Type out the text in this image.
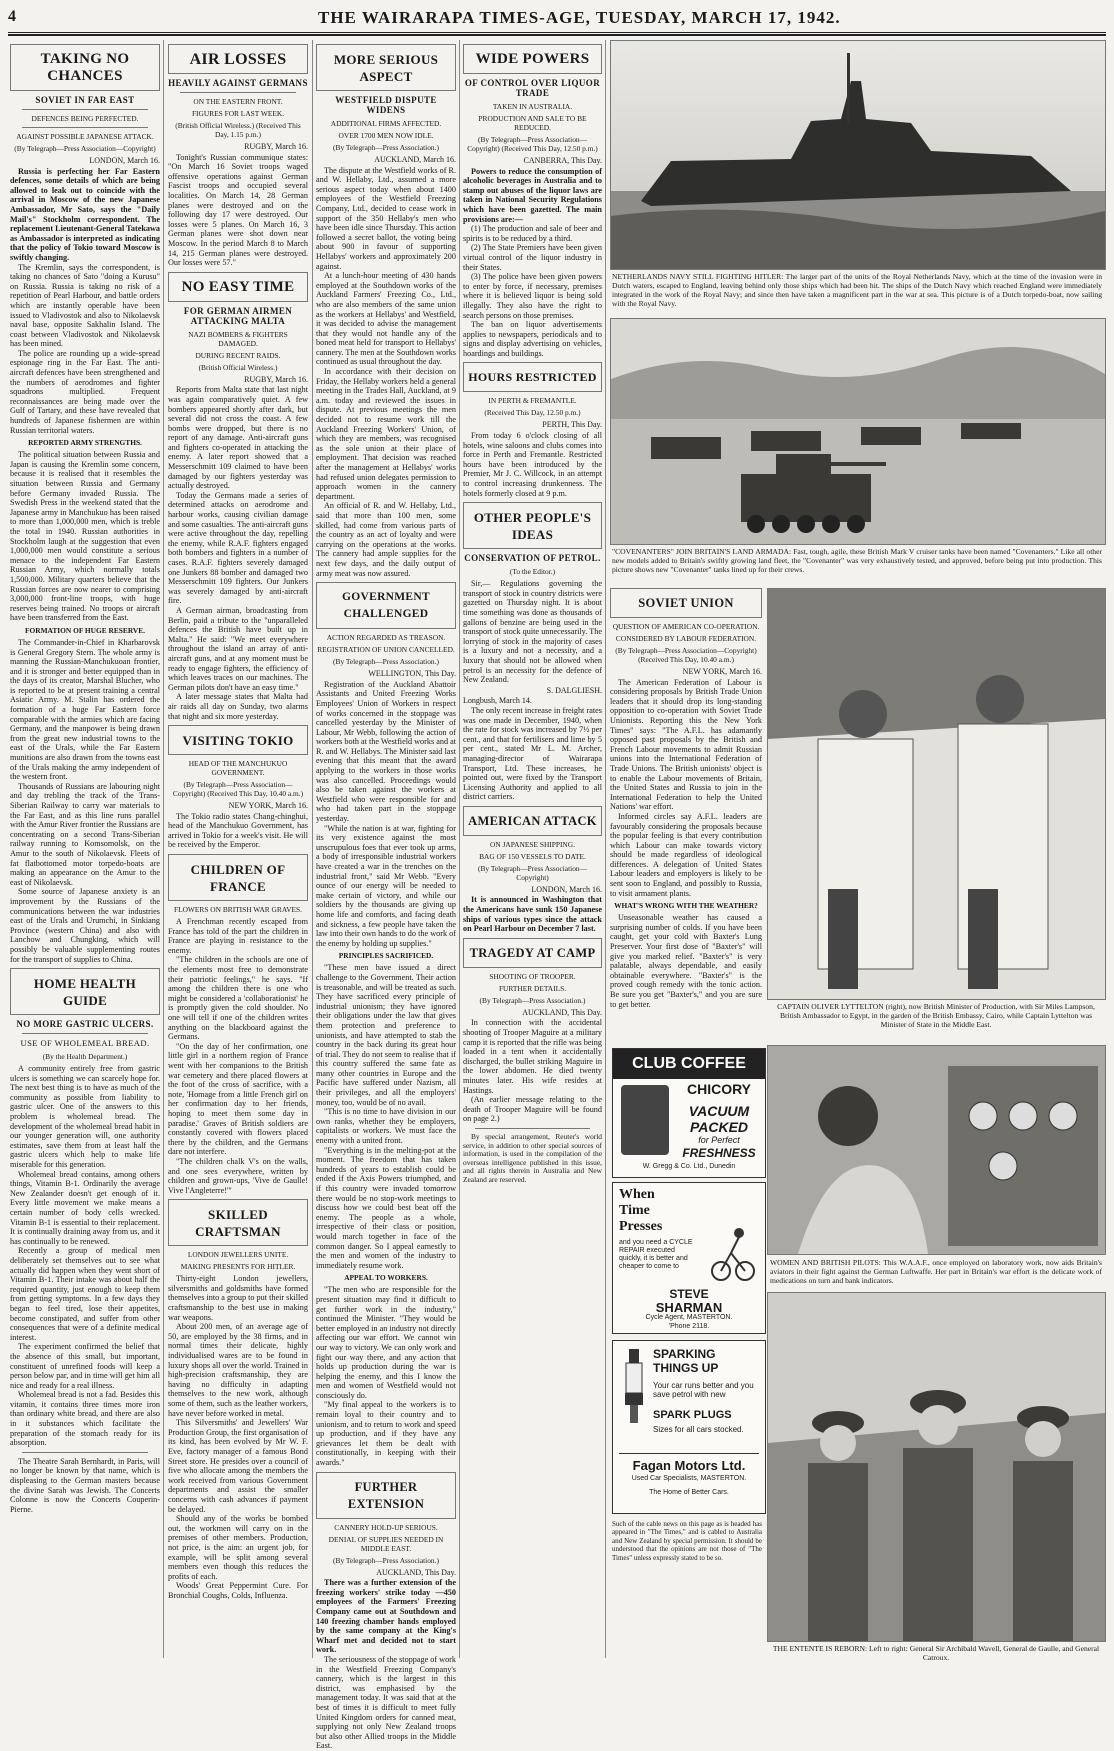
4	THE WAIRARAPA TIMES-AGE, TUESDAY, MARCH 17, 1942.
TAKING NO CHANCES
SOVIET IN FAR EAST
DEFENCES BEING PERFECTED.
AGAINST POSSIBLE JAPANESE ATTACK.
(By Telegraph—Press Association—Copyright)
LONDON, March 16.

Russia is perfecting her Far Eastern defences, some details of which are being allowed to leak out to coincide with the arrival in Moscow of the new Japanese Ambassador, Mr Sato, says the "Daily Mail's" Stockholm correspondent. The replacement Lieutenant-General Tatekawa as Ambassador is interpreted as indicating that the policy of Tokio toward Moscow is swiftly changing.

The Kremlin, says the correspondent, is taking no chances of Sato "doing a Kurusu" on Russia. Russia is taking no risk of a repetition of Pearl Harbour, and battle orders which are instantly operable have been issued to Vladivostok and also to Nikolaevsk naval base, opposite Sakhalin Island. The coast between Vladivostok and Nikolaevsk has been mined.

The police are rounding up a wide-spread espionage ring in the Far East. The anti-aircraft defences have been strengthened and the numbers of aerodromes and fighter squadrons multiplied. Frequent reconnaissances are being made over the Gulf of Tartary, and these have revealed that hundreds of Japanese fishermen are within Russian territorial waters.

REPORTED ARMY STRENGTHS.

The political situation between Russia and Japan is causing the Kremlin some concern, because it is realised that it resembles the situation between Russia and Germany before Germany invaded Russia. The Swedish Press in the weekend stated that the Japanese army in Manchukuo has been raised to more than 1,000,000 men, which is treble the total in 1940. Russian authorities in Stockholm laugh at the suggestion that even 1,000,000 men would constitute a serious menace to the independent Far Eastern Russian Army, which normally totals 1,500,000. Military quarters believe that the Russian forces are now nearer to comprising 3,000,000 front-line troops, with huge reserves being trained. No troops or aircraft have been transferred from the East.

FORMATION OF HUGE RESERVE.

The Commander-in-Chief in Kharbarovsk is General Gregory Stern. The whole army is manning the Russian-Manchukuoan frontier, and it is stronger and better equipped than in the days of its creator, Marshal Blucher, who is reported to be at present training a central Asiatic Army. M. Stalin has ordered the formation of a huge Far Eastern force comparable with the armies which are facing Germany, and the manpower is being drawn from the great new industrial towns to the east of the Urals, while the Far Eastern munitions are also drawn from the towns east of the Urals making the army independent of the western front.

Thousands of Russians are labouring night and day trebling the track of the Trans-Siberian Railway to carry war materials to the Far East, and as this line runs parallel with the Amur River frontier the Russians are concentrating on a second Trans-Siberian railway running to Komsomolsk, on the Amur to the south of Nikolaevsk. Fleets of fat flatbottomed motor torpedo-boats are making an appearance on the Amur to the east of Nikolaevsk.

Some source of Japanese anxiety is an improvement by the Russians of the communications between the war industries east of the Urals and Urumchi, in Sinkiang Province (western China) and also with Lanchow and Chungking, which will possibly be valuable supplementing routes for the transport of supplies to China.

HOME HEALTH GUIDE
NO MORE GASTRIC ULCERS.
USE OF WHOLEMEAL BREAD.
(By the Health Department.)

A community entirely free from gastric ulcers is something we can scarcely hope for. The next best thing is to have as much of the community as possible from liability to gastric ulcer. One of the answers to this problem is wholemeal bread. The development of the wholemeal bread habit in our younger generation will, one authority estimates, save them from at least half the gastric ulcers which help to make life miserable for this generation.

Wholemeal bread contains, among others things, Vitamin B-1. Ordinarily the average New Zealander doesn't get enough of it. Every little movement we make means a certain number of body cells wrecked. Vitamin B-1 is essential to their replacement. It is continually draining away from us, and it has continually to be renewed.

Recently a group of medical men deliberately set themselves out to see what actually did happen when they went short of Vitamin B-1. Their intake was about half the required quantity, just enough to keep them from getting symptoms. In a few days they began to feel tired, lose their appetites, become constipated, and suffer from other consequences that were of a definite medical interest.

The experiment confirmed the belief that the absence of this small, but important, constituent of unrefined foods will keep a person below par, and in time will get him all nice and ready for a real illness.

Wholemeal bread is not a fad. Besides this vitamin, it contains three times more iron than ordinary white bread, and there are also in it substances which facilitate the preparation of the stomach ready for its absorption.

The Theatre Sarah Bernhardt, in Paris, will no longer be known by that name, which is displeasing to the German masters because the divine Sarah was Jewish. The Concerts Colonne is now the Concerts Couperin-Pierne.

AIR LOSSES
HEAVILY AGAINST GERMANS
ON THE EASTERN FRONT.
FIGURES FOR LAST WEEK.
(British Official Wireless.) (Received This Day, 1.15 p.m.)
RUGBY, March 16.

Tonight's Russian communique states: "On March 16 Soviet troops waged offensive operations against German Fascist troops and occupied several localities. On March 14, 28 German planes were destroyed and on the following day 17 were destroyed. Our losses were 5 planes. On March 16, 3 German planes were shot down near Moscow. In the period March 8 to March 14, 215 German planes were destroyed. Our losses were 57."

NO EASY TIME
FOR GERMAN AIRMEN ATTACKING MALTA
NAZI BOMBERS & FIGHTERS DAMAGED.
DURING RECENT RAIDS.
(British Official Wireless.)
RUGBY, March 16.

Reports from Malta state that last night was again comparatively quiet. A few bombers appeared shortly after dark, but several did not cross the coast. A few bombs were dropped, but there is no report of any damage. Anti-aircraft guns and fighters co-operated in attacking the enemy. A later report showed that a Messerschmitt 109 claimed to have been damaged by our fighters yesterday was actually destroyed.

Today the Germans made a series of determined attacks on aerodrome and harbour works, causing civilian damage and some casualties. The anti-aircraft guns were active throughout the day, repelling the enemy, while R.A.F. fighters engaged both bombers and fighters in a number of cases. R.A.F. fighters severely damaged one Junkers 88 bomber and damaged two Messerschmitt 109 fighters. Our Junkers was severely damaged by anti-aircraft fire.

A German airman, broadcasting from Berlin, paid a tribute to the "unparalleled defences the British have built up in Malta." He said: "We meet everywhere throughout the island an array of anti-aircraft guns, and at any moment must be ready to engage fighters, the efficiency of which leaves traces on our machines. The German pilots don't have an easy time."

A later message states that Malta had air raids all day on Sunday, two alarms that night and six more yesterday.

VISITING TOKIO
HEAD OF THE MANCHUKUO GOVERNMENT.
(By Telegraph—Press Association—Copyright) (Received This Day, 10.40 a.m.)
NEW YORK, March 16.

The Tokio radio states Chang-chinghui, head of the Manchukuo Government, has arrived in Tokio for a week's visit. He will be received by the Emperor.

CHILDREN OF FRANCE
FLOWERS ON BRITISH WAR GRAVES.

A Frenchman recently escaped from France has told of the part the children in France are playing in resistance to the enemy.

"The children in the schools are one of the elements most free to demonstrate their patriotic feelings," he says. "If among the children there is one who might be considered a 'collaborationist' he is promptly given the cold shoulder. No one will tell if one of the children writes anything on the blackboard against the Germans.

"On the day of her confirmation, one little girl in a northern region of France went with her companions to the British war cemetery and there placed flowers at the foot of the cross of sacrifice, with a note, 'Homage from a little French girl on her confirmation day to her friends, hoping to meet them some day in paradise.' Graves of British soldiers are constantly covered with flowers placed there by the children, and the Germans dare not interfere.

"The children chalk V's on the walls, and one sees everywhere, written by children and grown-ups, 'Vive de Gaulle! Vive l'Angleterre!'"

SKILLED CRAFTSMAN
LONDON JEWELLERS UNITE.
MAKING PRESENTS FOR HITLER.

Thirty-eight London jewellers, silversmiths and goldsmiths have formed themselves into a group to put their skilled craftsmanship to the best use in making war weapons.

About 200 men, of an average age of 50, are employed by the 38 firms, and in normal times their delicate, highly individualised wares are to be found in luxury shops all over the world. Trained in high-precision craftsmanship, they are having no difficulty in adapting themselves to the new work, although some of them, such as the leather workers, have never before worked in metal.

This Silversmiths' and Jewellers' War Production Group, the first organisation of its kind, has been evolved by Mr W. F. Eve, factory manager of a famous Bond Street store. He presides over a council of five who allocate among the members the work received from various Government departments and assist the smaller concerns with cash advances if payment be delayed.

Should any of the works be bombed out, the workmen will carry on in the premises of other members. Production, not price, is the aim: an urgent job, for example, will be split among several members even though this reduces the profits of each.

Woods' Great Peppermint Cure. For Bronchial Coughs, Colds, Influenza.

MORE SERIOUS ASPECT
WESTFIELD DISPUTE WIDENS
ADDITIONAL FIRMS AFFECTED.
OVER 1700 MEN NOW IDLE.
(By Telegraph—Press Association.)
AUCKLAND, March 16.

The dispute at the Westfield works of R. and W. Hellaby, Ltd., assumed a more serious aspect today when about 1400 employees of the Westfield Freezing Company, Ltd., decided to cease work in support of the 350 Hellaby's men who have been idle since Thursday. This action followed a secret ballot, the voting being about 900 in favour of supporting Hellabys' workers and approximately 200 against.

At a lunch-hour meeting of 430 hands employed at the Southdown works of the Auckland Farmers' Freezing Co., Ltd., who are also members of the same union as the workers at Hellabys' and Westfield, it was decided to advise the management that they would not handle any of the boned meat held for transport to Hellabys' cannery. The men at the Southdown works continued as usual throughout the day.

In accordance with their decision on Friday, the Hellaby workers held a general meeting in the Trades Hall, Auckland, at 9 a.m. today and reviewed the issues in dispute. At previous meetings the men decided not to resume work till the Auckland Freezing Workers' Union, of which they are members, was recognised as the sole union at their place of employment. That decision was reached after the management at Hellabys' works had refused union delegates permission to approach women in the cannery department.

An official of R. and W. Hellaby, Ltd., said that more than 100 men, some skilled, had come from various parts of the country as an act of loyalty and were carrying on the operations at the works. The cannery had ample supplies for the next few days, and the daily output of army meat was now assured.

GOVERNMENT CHALLENGED
ACTION REGARDED AS TREASON.
REGISTRATION OF UNION CANCELLED.
(By Telegraph—Press Association.)
WELLINGTON, This Day.

Registration of the Auckland Abattoir Assistants and United Freezing Works Employees' Union of Workers in respect of works concerned in the stoppage was cancelled yesterday by the Minister of Labour, Mr Webb, following the action of workers both at the Westfield works and at R. and W. Hellabys. The Minister said last evening that this meant that the award applying to the workers in those works was also cancelled. Proceedings would also be taken against the workers at Westfield who were responsible for and who had taken part in the stoppage yesterday.

"While the nation is at war, fighting for its very existence against the most unscrupulous foes that ever took up arms, a body of irresponsible industrial workers have created a war in the trenches on the industrial front," said Mr Webb. "Every ounce of our energy will be needed to make certain of victory, and while our soldiers by the thousands are giving up home life and comforts, and facing death and sickness, a few people have taken the law into their own hands to do the work of the enemy by holding up supplies."

PRINCIPLES SACRIFICED.

"These men have issued a direct challenge to the Government. Their action is treasonable, and will be treated as such. They have sacrificed every principle of industrial unionism; they have ignored their obligations under the law that gives them protection and preference to unionists, and have attempted to stab the country in the back during its great hour of trial. They do not seem to realise that if this country suffered the same fate as many other countries in Europe and the Pacific have suffered under Nazism, all their privileges, and all the employers' money, too, would be of no avail.

"This is no time to have division in our own ranks, whether they be employers, capitalists or workers. We must face the enemy with a united front.

"Everything is in the melting-pot at the moment. The freedom that has taken hundreds of years to establish could be ended if the Axis Powers triumphed, and if this country were invaded tomorrow there would be no stop-work meetings to discuss how we could best beat off the enemy. The people as a whole, irrespective of their class or position, would march together in face of the common danger. So I appeal earnestly to the men and women of the industry to immediately resume work.

APPEAL TO WORKERS.

"The men who are responsible for the present situation may find it difficult to get further work in the industry," continued the Minister. "They would be better employed in an industry not directly affecting our war effort. We cannot win our way to victory. We can only work and fight our way there, and any action that holds up production during the war is helping the enemy, and this I know the men and women of Westfield would not consciously do.

"My final appeal to the workers is to remain loyal to their country and to unionism, and to return to work and speed up production, and if they have any grievances let them be dealt with constitutionally, in keeping with their awards."

FURTHER EXTENSION
CANNERY HOLD-UP SERIOUS.
DENIAL OF SUPPLIES NEEDED IN MIDDLE EAST.
(By Telegraph—Press Association.)
AUCKLAND, This Day.

There was a further extension of the freezing workers' strike today —450 employees of the Farmers' Freezing Company came out at Southdown and 140 freezing chamber hands employed by the same company at the King's Wharf met and decided not to start work.

The seriousness of the stoppage of work in the Westfield Freezing Company's cannery, which is the largest in this district, was emphasised by the management today. It was said that at the best of times it is difficult to meet fully United Kingdom orders for canned meat, supplying not only New Zealand troops but also other Allied troops in the Middle East.

WIDE POWERS
OF CONTROL OVER LIQUOR TRADE
TAKEN IN AUSTRALIA.
PRODUCTION AND SALE TO BE REDUCED.
(By Telegraph—Press Association—Copyright) (Received This Day, 12.50 p.m.)
CANBERRA, This Day.

Powers to reduce the consumption of alcoholic beverages in Australia and to stamp out abuses of the liquor laws are taken in National Security Regulations which have been gazetted. The main provisions are:—

(1) The production and sale of beer and spirits is to be reduced by a third.

(2) The State Premiers have been given virtual control of the liquor industry in their States.

(3) The police have been given powers to enter by force, if necessary, premises where it is believed liquor is being sold illegally. They also have the right to search persons on those premises.

The ban on liquor advertisements applies to newspapers, periodicals and to signs and display advertising on vehicles, hoardings and buildings.

HOURS RESTRICTED
IN PERTH & FREMANTLE.
(Received This Day, 12.50 p.m.)
PERTH, This Day.

From today 6 o'clock closing of all hotels, wine saloons and clubs comes into force in Perth and Fremantle. Restricted hours have been introduced by the Premier, Mr J. C. Willcock, in an attempt to control increasing drunkenness. The hotels formerly closed at 9 p.m.

OTHER PEOPLE'S IDEAS
CONSERVATION OF PETROL.
(To the Editor.)

Sir,— Regulations governing the transport of stock in country districts were gazetted on Thursday night. It is about time something was done as thousands of gallons of benzine are being used in the transport of stock quite unnecessarily. The lorrying of stock in the majority of cases is a luxury and not a necessity, and a luxury that should not be allowed when petrol is an necessity for the defence of New Zealand.

S. DALGLIESH.
Longbush, March 14.

The only recent increase in freight rates was one made in December, 1940, when the rate for stock was increased by 7½ per cent., and that for fertilisers and lime by 5 per cent., stated Mr L. M. Archer, managing-director of Wairarapa Transport, Ltd. These increases, he pointed out, were fixed by the Transport Licensing Authority and applied to all district carriers.

AMERICAN ATTACK
ON JAPANESE SHIPPING.
BAG OF 150 VESSELS TO DATE.
(By Telegraph—Press Association—Copyright)
LONDON, March 16.

It is announced in Washington that the Americans have sunk 150 Japanese ships of various types since the attack on Pearl Harbour on December 7 last.

TRAGEDY AT CAMP
SHOOTING OF TROOPER.
FURTHER DETAILS.
(By Telegraph—Press Association.)
AUCKLAND, This Day.

In connection with the accidental shooting of Trooper Maguire at a military camp it is reported that the rifle was being loaded in a tent when it accidentally discharged, the bullet striking Maguire in the lower abdomen. He died twenty minutes later. His wife resides at Hastings.

(An earlier message relating to the death of Trooper Maguire will be found on page 2.)

By special arrangement, Reuter's world service, in addition to other special sources of information, is used in the compilation of the overseas intelligence published in this issue, and all rights therein in Australia and New Zealand are reserved.

NETHERLANDS NAVY STILL FIGHTING HITLER: The larger part of the units of the Royal Netherlands Navy, which at the time of the invasion were in Dutch waters, escaped to England, leaving behind only those ships which had been hit. The ships of the Dutch Navy which reached England were immediately integrated in the work of the Royal Navy; and since then have taken a magnificent part in the war at sea. This picture is of a Dutch torpedo-boat, now sailing with the Royal Navy.
"COVENANTERS" JOIN BRITAIN'S LAND ARMADA: Fast, tough, agile, these British Mark V cruiser tanks have been named "Covenanters." Like all other new models added to Britain's swiftly growing land fleet, the "Covenanter" was very exhaustively tested, and approved, before being put into production. This picture shows new "Covenanter" tanks lined up for their crews.
SOVIET UNION
QUESTION OF AMERICAN CO-OPERATION.
CONSIDERED BY LABOUR FEDERATION.
(By Telegraph—Press Association—Copyright) (Received This Day, 10.40 a.m.)
NEW YORK, March 16.

The American Federation of Labour is considering proposals by British Trade Union leaders that it should drop its long-standing opposition to co-operation with Soviet Trade Unionists. Reporting this the New York Times" says: "The A.F.L. has adamantly opposed past proposals by the British and French Labour movements to admit Russian unions into the International Federation of Trade Unions. The British unionists' object is to enable the Labour movements of Britain, the United States and Russia to join in the International Federation to help the United Nations' war effort.

Informed circles say A.F.L. leaders are favourably considering the proposals because the popular feeling is that every contribution which Labour can make towards victory should be made regardless of ideological differences. A delegation of United States Labour leaders and employers is likely to be sent soon to England, and possibly to Russia, to visit armament plants.

WHAT'S WRONG WITH THE WEATHER?

Unseasonable weather has caused a surprising number of colds. If you have been caught, get your cold with Baxter's Lung Preserver. Your first dose of "Baxter's" will give you marked relief. "Baxter's" is very palatable, always dependable, and easily obtainable everywhere. "Baxter's" is the proved cough remedy with the tonic action. Be sure you get "Baxter's," and you are sure to get better.	CAPTAIN OLIVER LYTTELTON (right), now British Minister of Production, with Sir Miles Lampson, British Ambassador to Egypt, in the garden of the British Embassy, Cairo, while Captain Lyttelton was Minister of State in the Middle East.
CLUB COFFEE
CHICORY
VACUUM
PACKED
for Perfect
FRESHNESS
W. Gregg & Co. Ltd., Dunedin
When
Time
Presses
and you need a CYCLE REPAIR executed quickly, it is better and cheaper to come to
STEVE
SHARMAN
Cycle Agent, MASTERTON.
'Phone 2118.
SPARKING
THINGS UP
Your car runs better and you save petrol with new
SPARK PLUGS
Sizes for all cars stocked.
Fagan Motors Ltd.
Used Car Specialists, MASTERTON.
The Home of Better Cars.
Such of the cable news on this page as is headed has appeared in "The Times," and is cabled to Australia and New Zealand by special permission. It should be understood that the opinions are not those of "The Times" unless expressly stated to be so.
WOMEN AND BRITISH PILOTS: This W.A.A.F., once employed on laboratory work, now aids Britain's aviators in their fight against the German Luftwaffe. Her part in Britain's war effort is the delicate work of medications on turn and bank indicators.
THE ENTENTE IS REBORN: Left to right: General Sir Archibald Wavell, General de Gaulle, and General Catroux.
